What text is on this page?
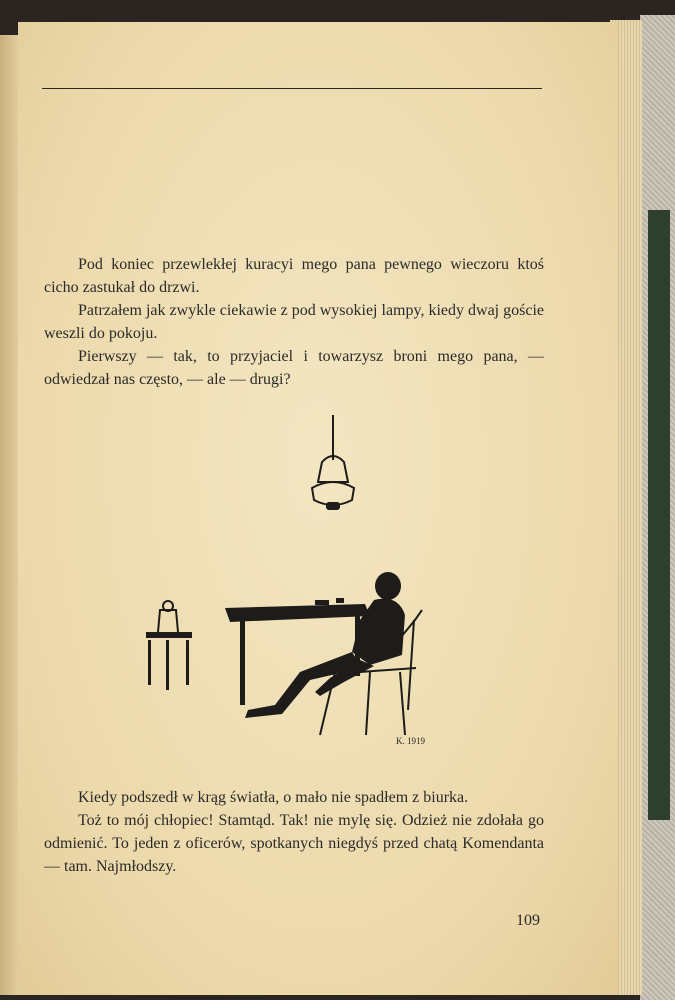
Pod koniec przewlekłej kuracyi mego pana pewnego wieczoru ktoś cicho zastukał do drzwi.

Patrzałem jak zwykle ciekawie z pod wysokiej lampy, kiedy dwaj goście weszli do pokoju.

Pierwszy — tak, to przyjaciel i towarzysz broni mego pana, — odwiedzał nas często, — ale — drugi?

K. 1919

Kiedy podszedł w krąg światła, o mało nie spadłem z biurka.

Toż to mój chłopiec! Stamtąd. Tak! nie mylę się. Odzież nie zdołała go odmienić. To jeden z oficerów, spotkanych niegdyś przed chatą Komendanta — tam. Najmłodszy.

109
